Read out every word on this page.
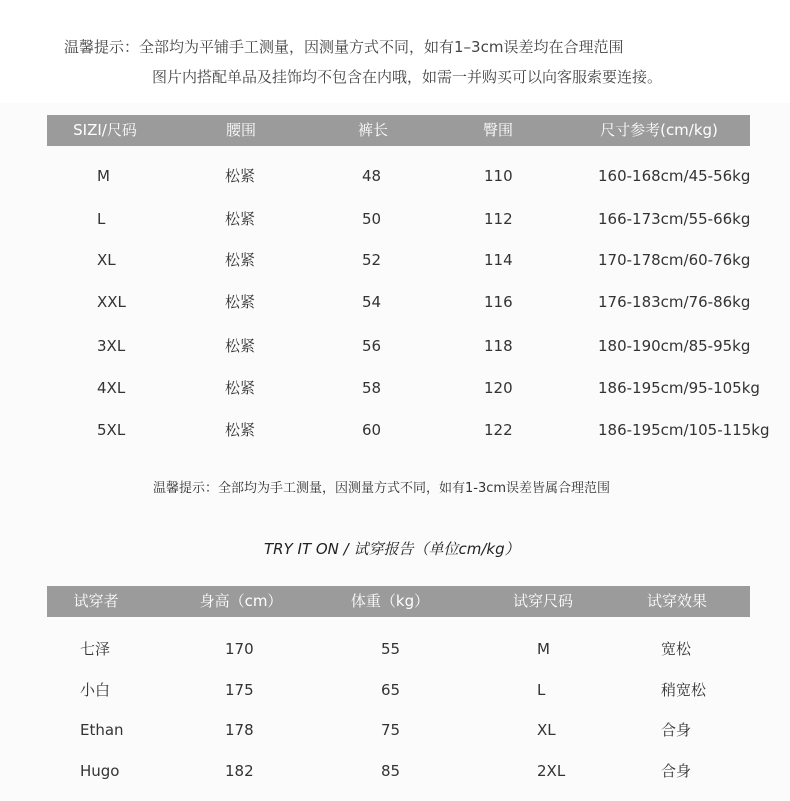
温馨提示：全部均为平铺手工测量，因测量方式不同，如有1–3cm误差均在合理范围
图片内搭配单品及挂饰均不包含在内哦，如需一并购买可以向客服索要连接。
SIZI/尺码	腰围	裤长	臀围	尺寸参考(cm/kg)
M	松紧	48	110	160-168cm/45-56kg
L	松紧	50	112	166-173cm/55-66kg
XL	松紧	52	114	170-178cm/60-76kg
XXL	松紧	54	116	176-183cm/76-86kg
3XL	松紧	56	118	180-190cm/85-95kg
4XL	松紧	58	120	186-195cm/95-105kg
5XL	松紧	60	122	186-195cm/105-115kg
温馨提示：全部均为手工测量，因测量方式不同，如有1-3cm误差皆属合理范围
TRY IT ON / 试穿报告（单位cm/kg）
试穿者	身高（cm）	体重（kg）	试穿尺码	试穿效果
七泽	170	55	M	宽松
小白	175	65	L	稍宽松
Ethan	178	75	XL	合身
Hugo	182	85	2XL	合身
